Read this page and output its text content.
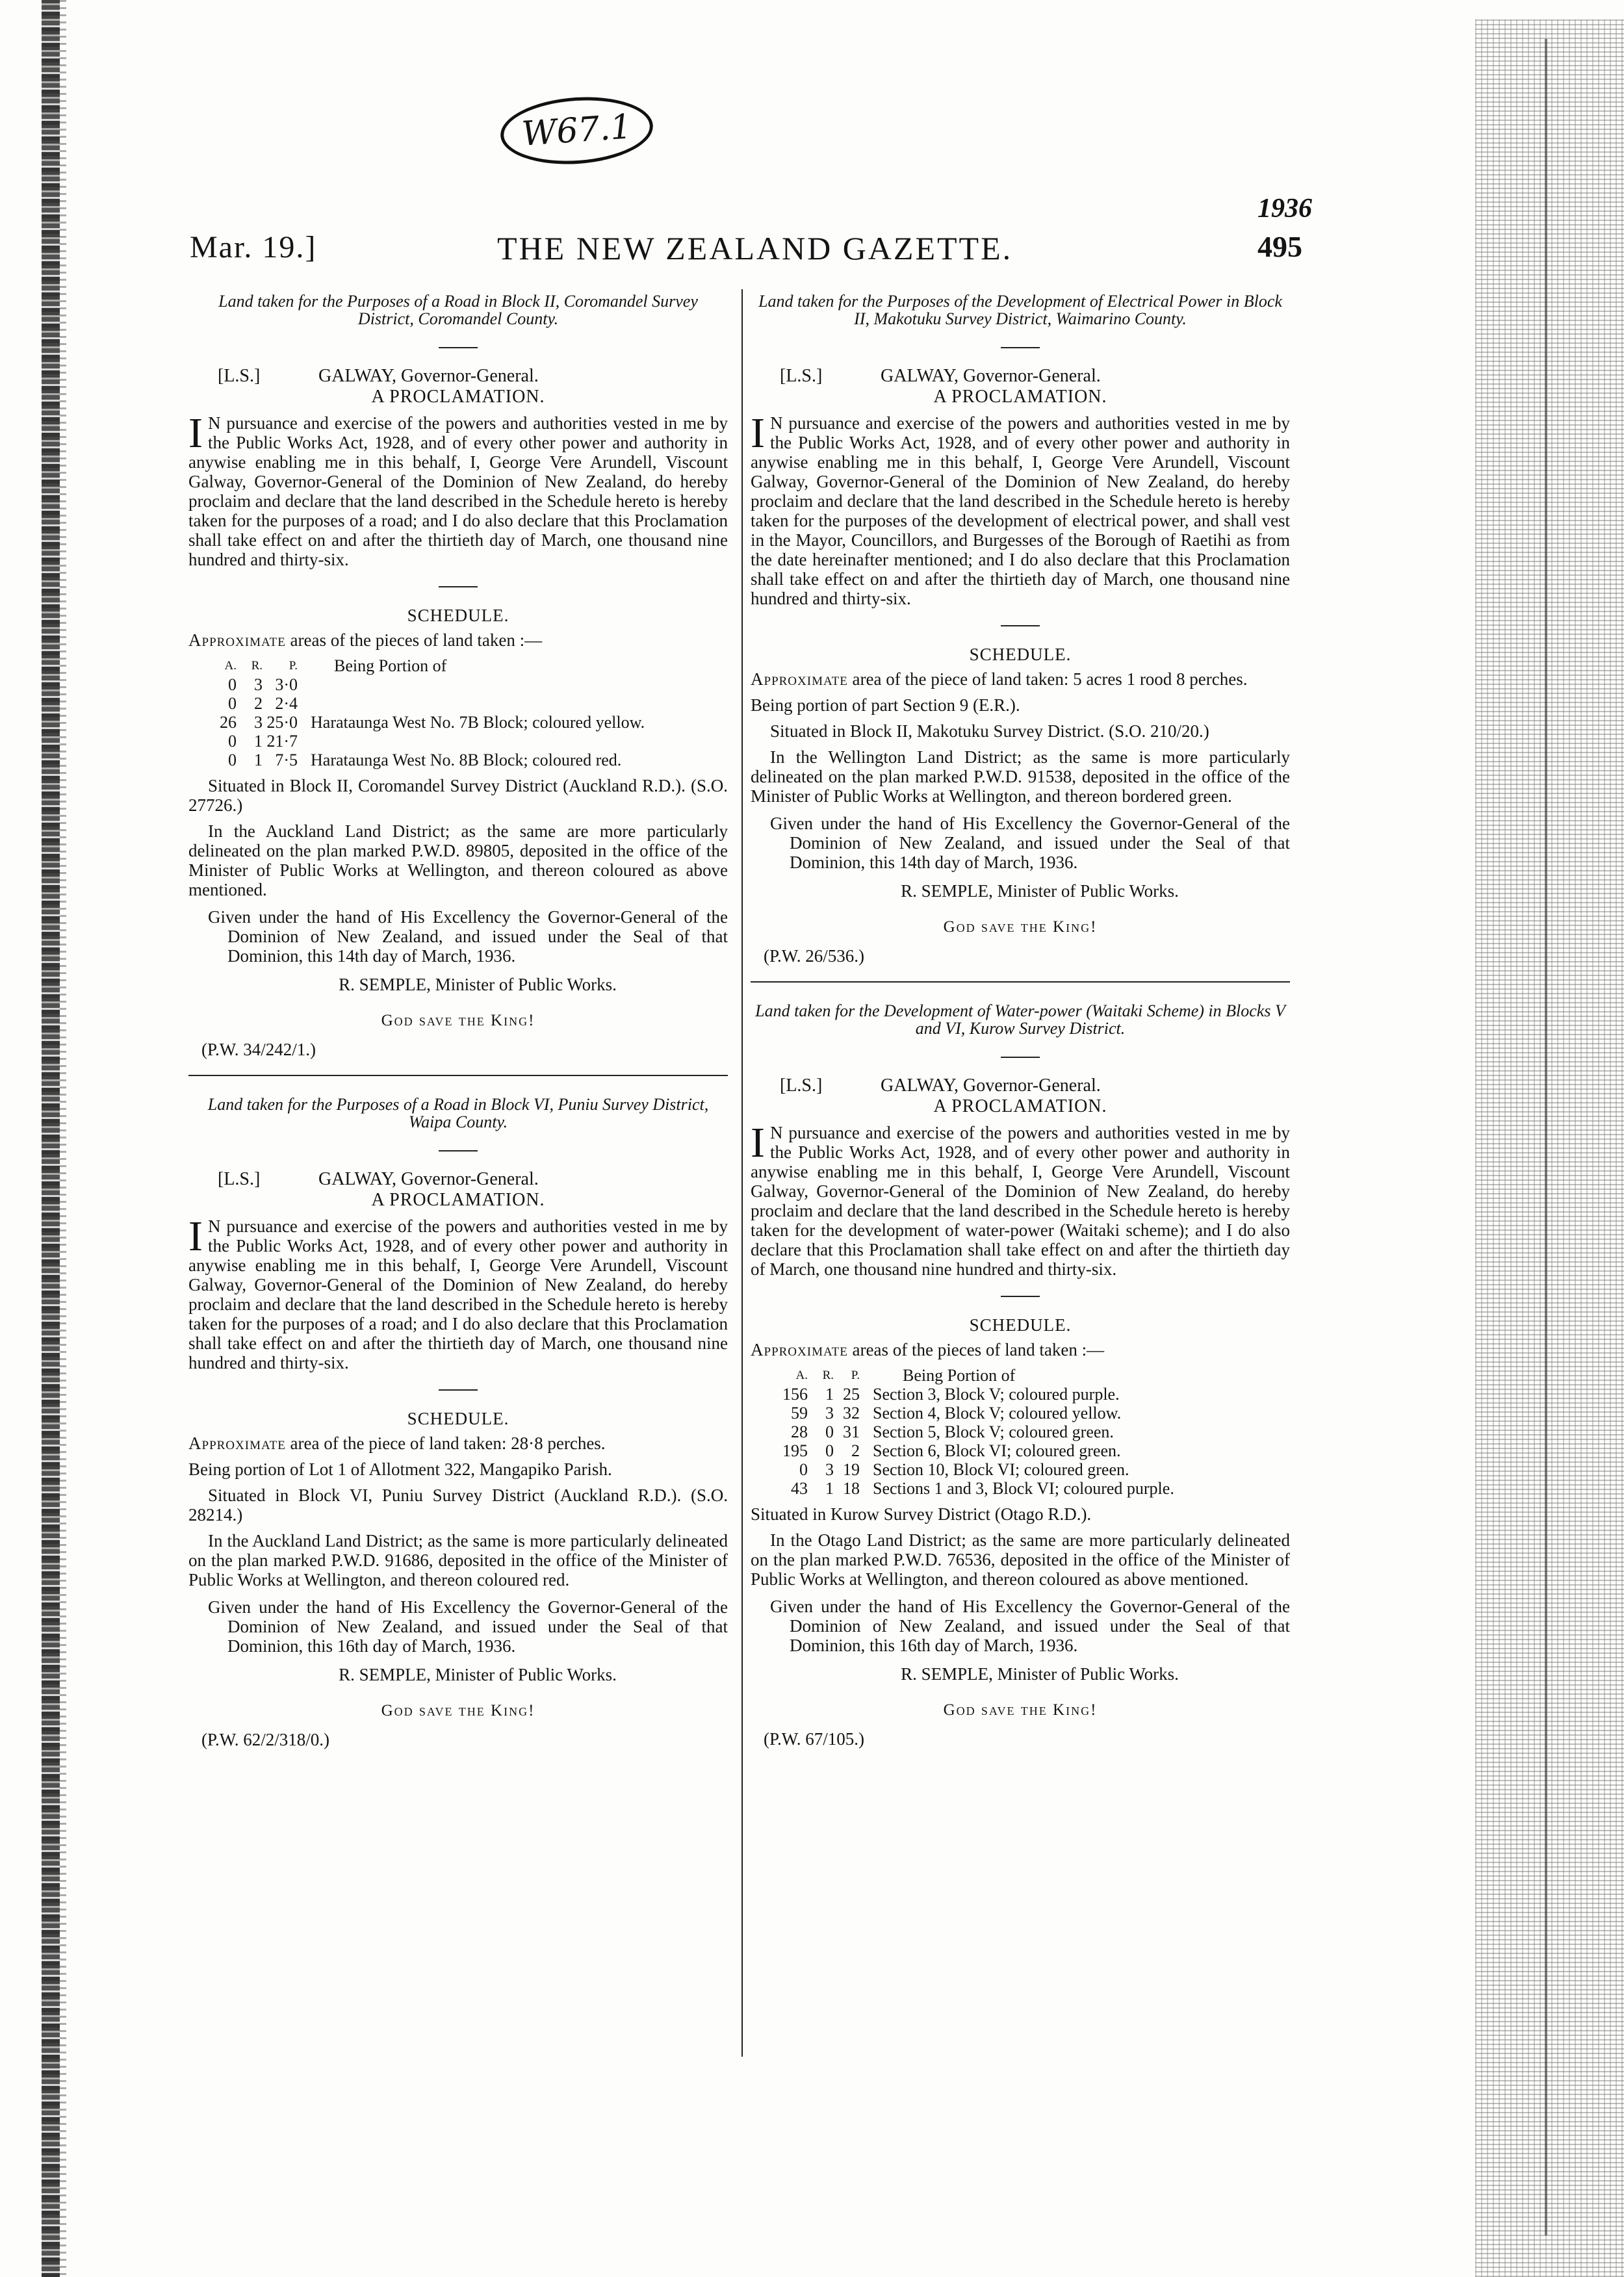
W67.1
1936
Mar. 19.]	THE NEW ZEALAND GAZETTE.	495
Land taken for the Purposes of a Road in Block II, Coromandel Survey District, Coromandel County.
[L.S.]	GALWAY, Governor-General.
A PROCLAMATION.
I N pursuance and exercise of the powers and authorities vested in me by the Public Works Act, 1928, and of every other power and authority in anywise enabling me in this behalf, I, George Vere Arundell, Viscount Galway, Governor-General of the Dominion of New Zealand, do hereby proclaim and declare that the land described in the Schedule hereto is hereby taken for the purposes of a road; and I do also declare that this Proclamation shall take effect on and after the thirtieth day of March, one thousand nine hundred and thirty-six.
SCHEDULE.
Approximate areas of the pieces of land taken :—
A.	R.	P.	Being Portion of
0	3	3·0	
0	2	2·4	
26	3	25·0	Harataunga West No. 7B Block; coloured yellow.
0	1	21·7	
0	1	7·5	Harataunga West No. 8B Block; coloured red.
Situated in Block II, Coromandel Survey District (Auckland R.D.). (S.O. 27726.)
In the Auckland Land District; as the same are more particularly delineated on the plan marked P.W.D. 89805, deposited in the office of the Minister of Public Works at Wellington, and thereon coloured as above mentioned.
Given under the hand of His Excellency the Governor-General of the Dominion of New Zealand, and issued under the Seal of that Dominion, this 14th day of March, 1936.
R. SEMPLE, Minister of Public Works.
God save the King!
(P.W. 34/242/1.)
Land taken for the Purposes of a Road in Block VI, Puniu Survey District, Waipa County.
[L.S.]	GALWAY, Governor-General.
A PROCLAMATION.
I N pursuance and exercise of the powers and authorities vested in me by the Public Works Act, 1928, and of every other power and authority in anywise enabling me in this behalf, I, George Vere Arundell, Viscount Galway, Governor-General of the Dominion of New Zealand, do hereby proclaim and declare that the land described in the Schedule hereto is hereby taken for the purposes of a road; and I do also declare that this Proclamation shall take effect on and after the thirtieth day of March, one thousand nine hundred and thirty-six.
SCHEDULE.
Approximate area of the piece of land taken: 28·8 perches.
Being portion of Lot 1 of Allotment 322, Mangapiko Parish.
Situated in Block VI, Puniu Survey District (Auckland R.D.). (S.O. 28214.)
In the Auckland Land District; as the same is more particularly delineated on the plan marked P.W.D. 91686, deposited in the office of the Minister of Public Works at Wellington, and thereon coloured red.
Given under the hand of His Excellency the Governor-General of the Dominion of New Zealand, and issued under the Seal of that Dominion, this 16th day of March, 1936.
R. SEMPLE, Minister of Public Works.
God save the King!
(P.W. 62/2/318/0.)
Land taken for the Purposes of the Development of Electrical Power in Block II, Makotuku Survey District, Waimarino County.
[L.S.]	GALWAY, Governor-General.
A PROCLAMATION.
I N pursuance and exercise of the powers and authorities vested in me by the Public Works Act, 1928, and of every other power and authority in anywise enabling me in this behalf, I, George Vere Arundell, Viscount Galway, Governor-General of the Dominion of New Zealand, do hereby proclaim and declare that the land described in the Schedule hereto is hereby taken for the purposes of the development of electrical power, and shall vest in the Mayor, Councillors, and Burgesses of the Borough of Raetihi as from the date hereinafter mentioned; and I do also declare that this Proclamation shall take effect on and after the thirtieth day of March, one thousand nine hundred and thirty-six.
SCHEDULE.
Approximate area of the piece of land taken: 5 acres 1 rood 8 perches.
Being portion of part Section 9 (E.R.).
Situated in Block II, Makotuku Survey District. (S.O. 210/20.)
In the Wellington Land District; as the same is more particularly delineated on the plan marked P.W.D. 91538, deposited in the office of the Minister of Public Works at Wellington, and thereon bordered green.
Given under the hand of His Excellency the Governor-General of the Dominion of New Zealand, and issued under the Seal of that Dominion, this 14th day of March, 1936.
R. SEMPLE, Minister of Public Works.
God save the King!
(P.W. 26/536.)
Land taken for the Development of Water-power (Waitaki Scheme) in Blocks V and VI, Kurow Survey District.
[L.S.]	GALWAY, Governor-General.
A PROCLAMATION.
I N pursuance and exercise of the powers and authorities vested in me by the Public Works Act, 1928, and of every other power and authority in anywise enabling me in this behalf, I, George Vere Arundell, Viscount Galway, Governor-General of the Dominion of New Zealand, do hereby proclaim and declare that the land described in the Schedule hereto is hereby taken for the development of water-power (Waitaki scheme); and I do also declare that this Proclamation shall take effect on and after the thirtieth day of March, one thousand nine hundred and thirty-six.
SCHEDULE.
Approximate areas of the pieces of land taken :—
A.	R.	P.	Being Portion of
156	1	25	Section 3, Block V; coloured purple.
59	3	32	Section 4, Block V; coloured yellow.
28	0	31	Section 5, Block V; coloured green.
195	0	2	Section 6, Block VI; coloured green.
0	3	19	Section 10, Block VI; coloured green.
43	1	18	Sections 1 and 3, Block VI; coloured purple.
Situated in Kurow Survey District (Otago R.D.).
In the Otago Land District; as the same are more particularly delineated on the plan marked P.W.D. 76536, deposited in the office of the Minister of Public Works at Wellington, and thereon coloured as above mentioned.
Given under the hand of His Excellency the Governor-General of the Dominion of New Zealand, and issued under the Seal of that Dominion, this 16th day of March, 1936.
R. SEMPLE, Minister of Public Works.
God save the King!
(P.W. 67/105.)
